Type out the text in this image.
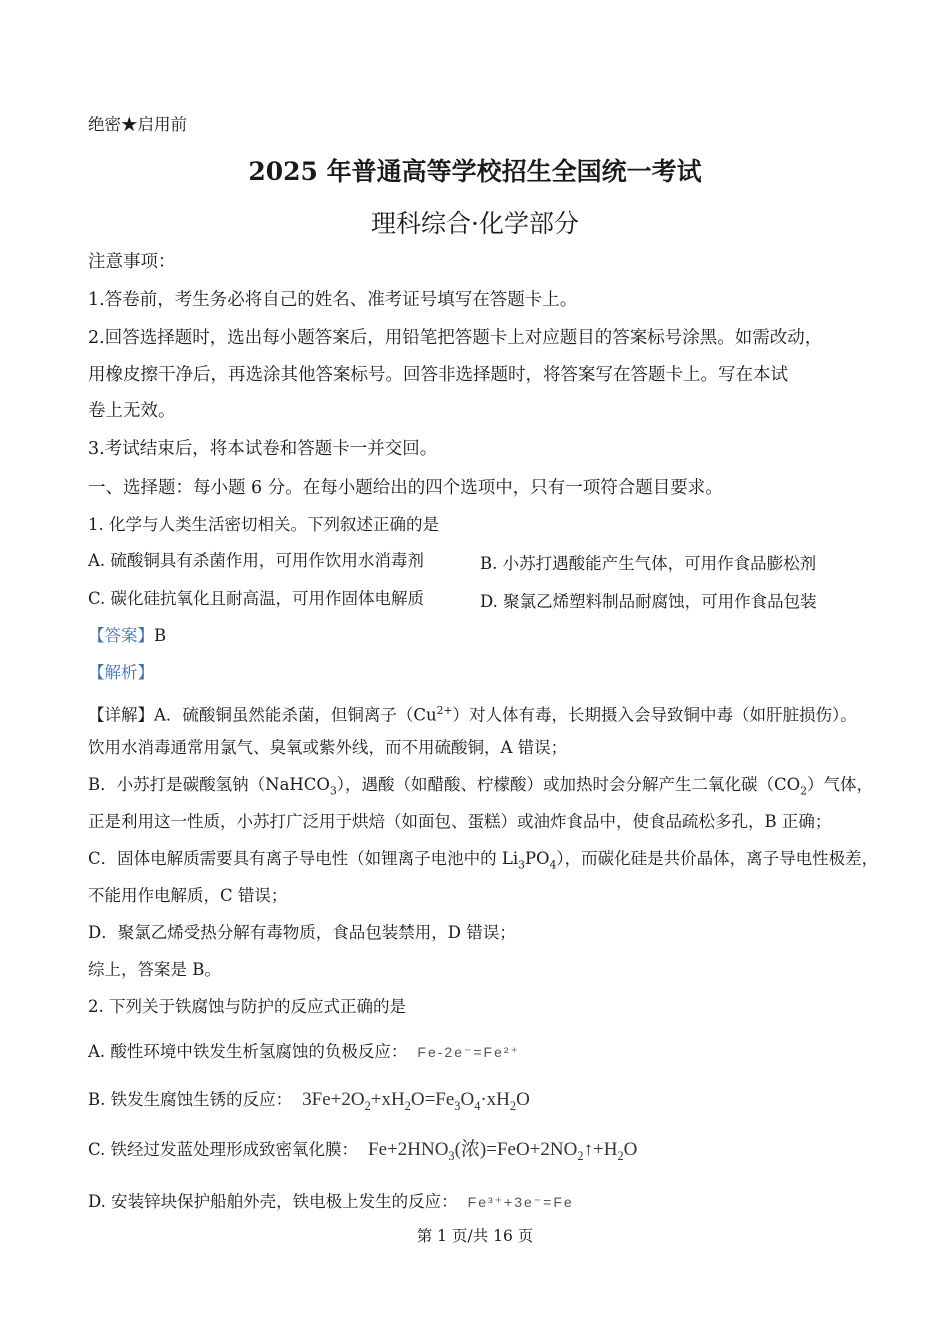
绝密★启用前
2025 年普通高等学校招生全国统一考试
理科综合·化学部分
注意事项：
1.答卷前，考生务必将自己的姓名、准考证号填写在答题卡上。
2.回答选择题时，选出每小题答案后，用铅笔把答题卡上对应题目的答案标号涂黑。如需改动，
用橡皮擦干净后，再选涂其他答案标号。回答非选择题时，将答案写在答题卡上。写在本试
卷上无效。
3.考试结束后，将本试卷和答题卡一并交回。
一、选择题：每小题 6 分。在每小题给出的四个选项中，只有一项符合题目要求。
1. 化学与人类生活密切相关。下列叙述正确的是
A. 硫酸铜具有杀菌作用，可用作饮用水消毒剂	B. 小苏打遇酸能产生气体，可用作食品膨松剂
C. 碳化硅抗氧化且耐高温，可用作固体电解质	D. 聚氯乙烯塑料制品耐腐蚀，可用作食品包装
【答案】B
【解析】
【详解】A．硫酸铜虽然能杀菌，但铜离子$(Cu^{2+})$对人体有毒，长期摄入会导致铜中毒（如肝脏损伤）。
饮用水消毒通常用氯气、臭氧或紫外线，而不用硫酸铜，A 错误；
B．小苏打是碳酸氢钠（NaHCO$_3$），遇酸（如醋酸、柠檬酸）或加热时会分解产生二氧化碳$(CO_2)$气体，
正是利用这一性质，小苏打广泛用于烘焙（如面包、蛋糕）或油炸食品中，使食品疏松多孔，B 正确；
C．固体电解质需要具有离子导电性（如锂离子电池中的 $Li_3PO_4$），而碳化硅是共价晶体，离子导电性极差，
不能用作电解质，C 错误；
D．聚氯乙烯受热分解有毒物质，食品包装禁用，D 错误；
综上，答案是 B。
2. 下列关于铁腐蚀与防护的反应式正确的是
A. 酸性环境中铁发生析氢腐蚀的负极反应： Fe-2e⁻=Fe²⁺
B. 铁发生腐蚀生锈的反应： $3Fe+2O_2+xH_2O=Fe_3O_4\cdot xH_2O$
C. 铁经过发蓝处理形成致密氧化膜： $Fe+2HNO_3$(浓)$=FeO+2NO_2↑+H_2O$
D. 安装锌块保护船舶外壳，铁电极上发生的反应： Fe³⁺+3e⁻=Fe
第 1 页/共 16 页
